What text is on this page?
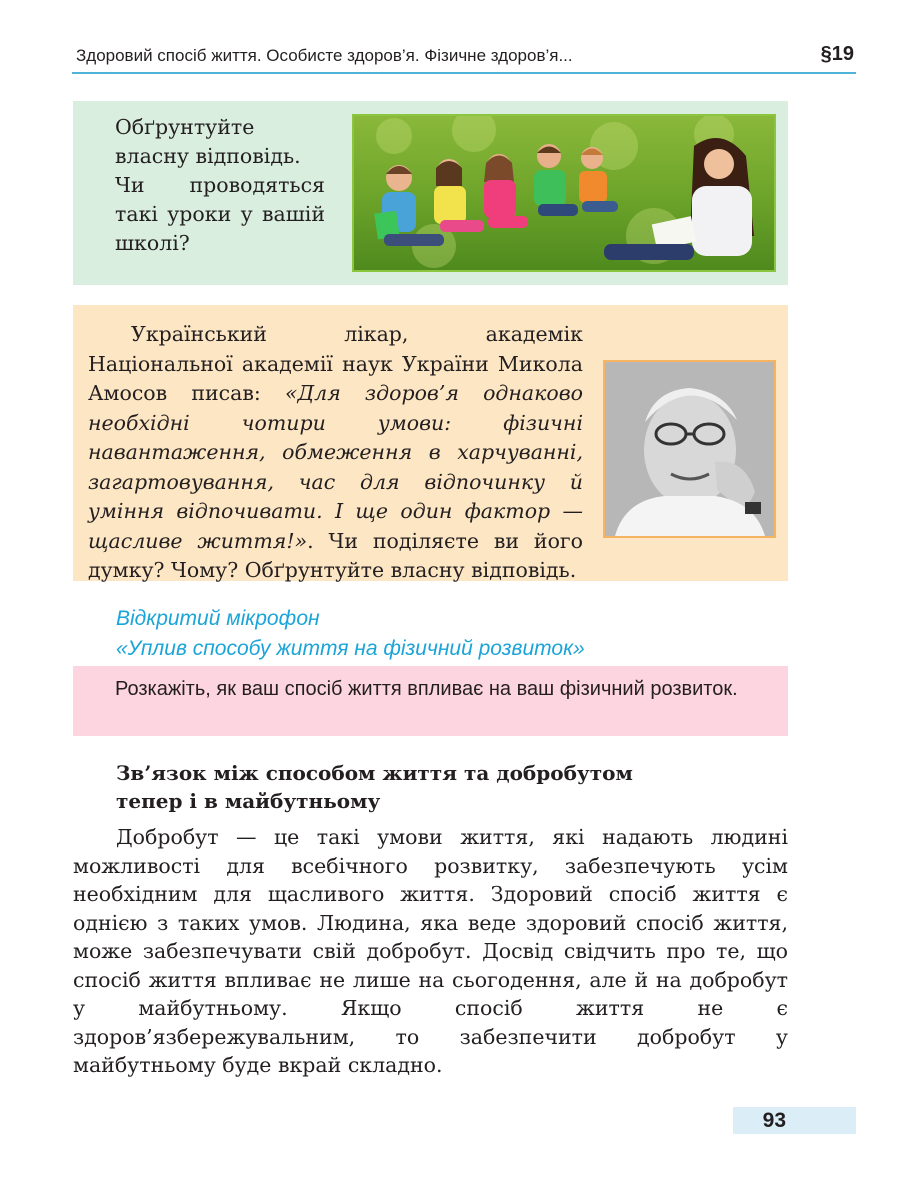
Здоровий спосіб життя. Особисте здоров’я. Фізичне здоров’я...	§19

Обґрунтуйте власну відповідь.

Чи проводяться такі уроки у вашій школі?

Український лікар, академік Національної академії наук України Микола Амосов писав: «Для здоров’я однаково необхідні чотири умови: фізичні навантаження, обмеження в харчуванні, загартовування, час для відпочинку й уміння відпочивати. І ще один фактор — щасливе життя!». Чи поділяєте ви його думку? Чому? Обґрунтуйте власну відповідь.
Відкритий мікрофон
«Уплив способу життя на фізичний розвиток»
Розкажіть, як ваш спосіб життя впливає на ваш фізичний розвиток.
Зв’язок між способом життя та добробутом
тепер і в майбутньому

Добробут — це такі умови життя, які надають людині можливості для всебічного розвитку, забезпечують усім необхідним для щасливого життя. Здоровий спосіб життя є однією з таких умов. Людина, яка веде здоровий спосіб життя, може забезпечувати свій добробут. Досвід свідчить про те, що спосіб життя впливає не лише на сьогодення, але й на добробут у майбутньому. Якщо спосіб життя не є здоров’язбережувальним, то забезпечити добробут у майбутньому буде вкрай складно.

93
